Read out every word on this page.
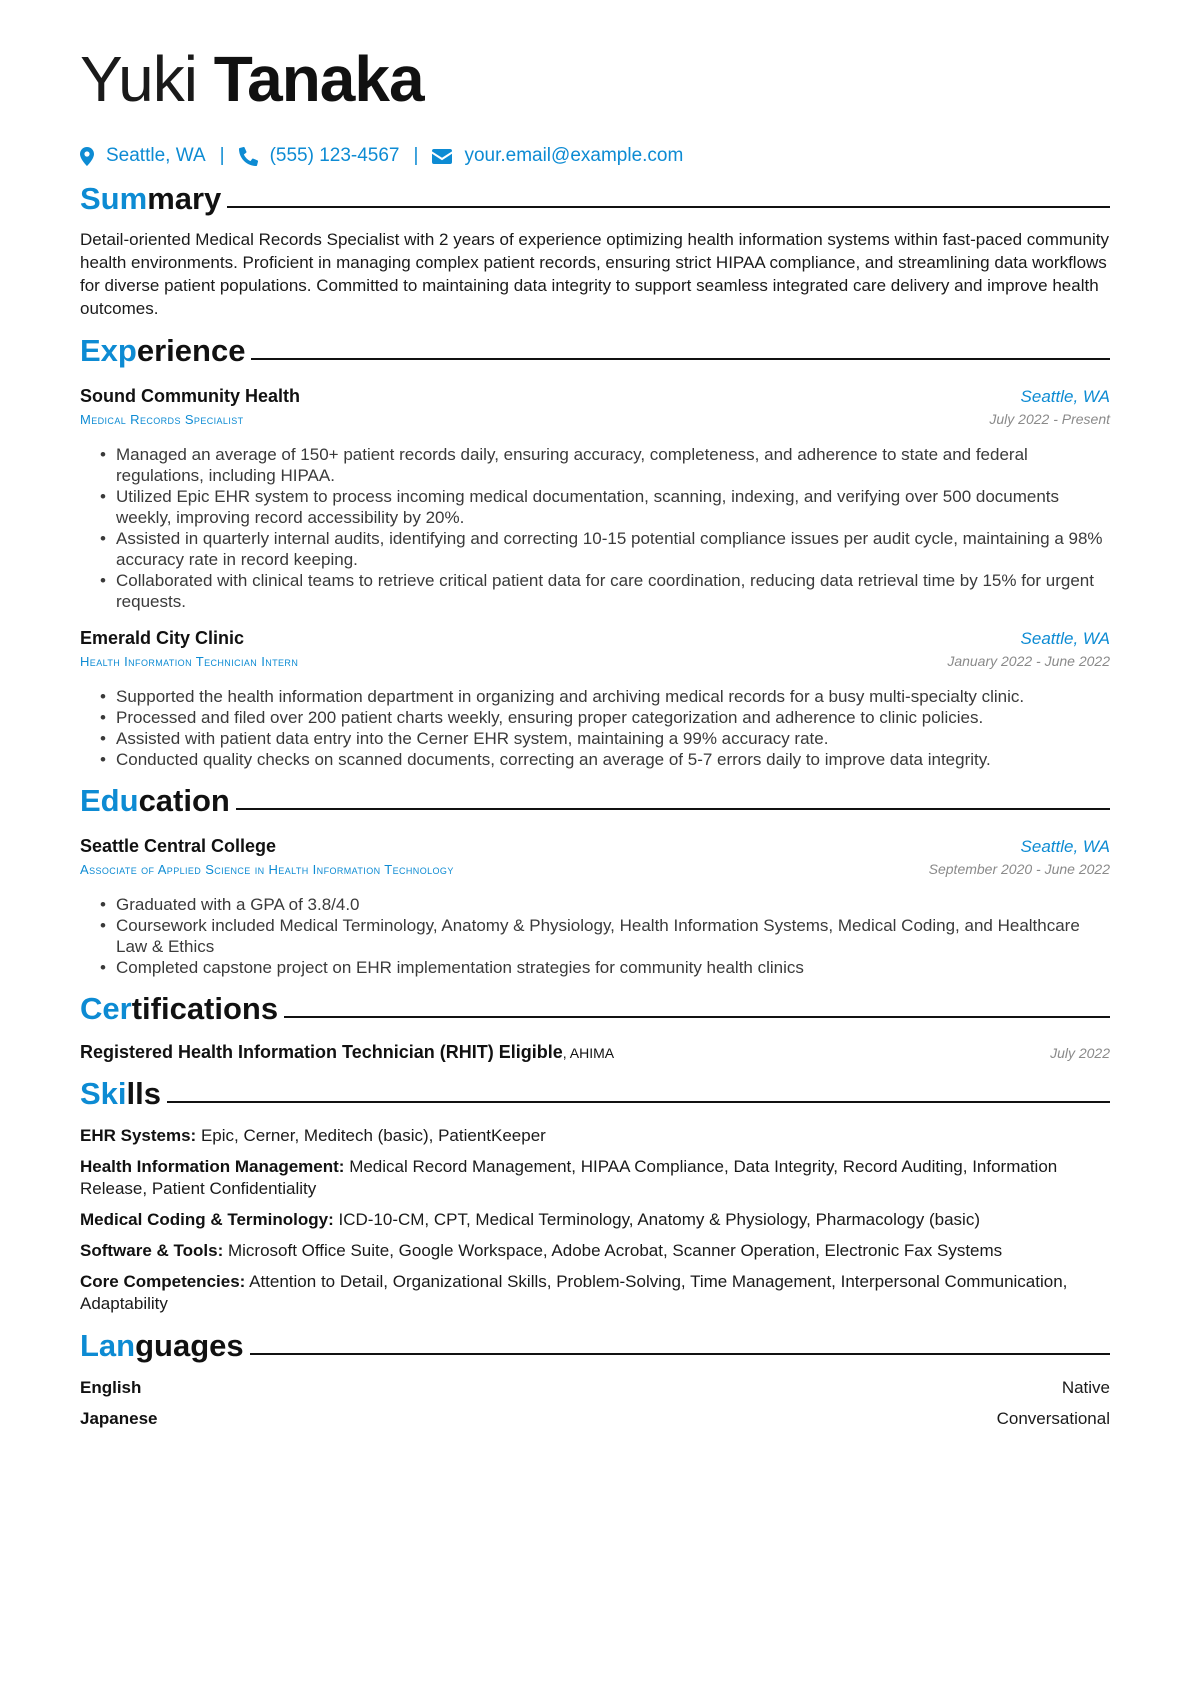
Yuki Tanaka
Seattle, WA | (555) 123-4567 | your.email@example.com
Summary
Detail-oriented Medical Records Specialist with 2 years of experience optimizing health information systems within fast-paced community health environments. Proficient in managing complex patient records, ensuring strict HIPAA compliance, and streamlining data workflows for diverse patient populations. Committed to maintaining data integrity to support seamless integrated care delivery and improve health outcomes.
Experience
Sound Community Health	Seattle, WA
Medical Records Specialist	July 2022 - Present
• Managed an average of 150+ patient records daily, ensuring accuracy, completeness, and adherence to state and federal regulations, including HIPAA.
• Utilized Epic EHR system to process incoming medical documentation, scanning, indexing, and verifying over 500 documents weekly, improving record accessibility by 20%.
• Assisted in quarterly internal audits, identifying and correcting 10-15 potential compliance issues per audit cycle, maintaining a 98% accuracy rate in record keeping.
• Collaborated with clinical teams to retrieve critical patient data for care coordination, reducing data retrieval time by 15% for urgent requests.
Emerald City Clinic	Seattle, WA
Health Information Technician Intern	January 2022 - June 2022
• Supported the health information department in organizing and archiving medical records for a busy multi-specialty clinic.
• Processed and filed over 200 patient charts weekly, ensuring proper categorization and adherence to clinic policies.
• Assisted with patient data entry into the Cerner EHR system, maintaining a 99% accuracy rate.
• Conducted quality checks on scanned documents, correcting an average of 5-7 errors daily to improve data integrity.
Education
Seattle Central College	Seattle, WA
Associate of Applied Science in Health Information Technology	September 2020 - June 2022
• Graduated with a GPA of 3.8/4.0
• Coursework included Medical Terminology, Anatomy & Physiology, Health Information Systems, Medical Coding, and Healthcare Law & Ethics
• Completed capstone project on EHR implementation strategies for community health clinics
Certifications
Registered Health Information Technician (RHIT) Eligible, AHIMA	July 2022
Skills
EHR Systems: Epic, Cerner, Meditech (basic), PatientKeeper
Health Information Management: Medical Record Management, HIPAA Compliance, Data Integrity, Record Auditing, Information Release, Patient Confidentiality
Medical Coding & Terminology: ICD-10-CM, CPT, Medical Terminology, Anatomy & Physiology, Pharmacology (basic)
Software & Tools: Microsoft Office Suite, Google Workspace, Adobe Acrobat, Scanner Operation, Electronic Fax Systems
Core Competencies: Attention to Detail, Organizational Skills, Problem-Solving, Time Management, Interpersonal Communication, Adaptability
Languages
English	Native
Japanese	Conversational
